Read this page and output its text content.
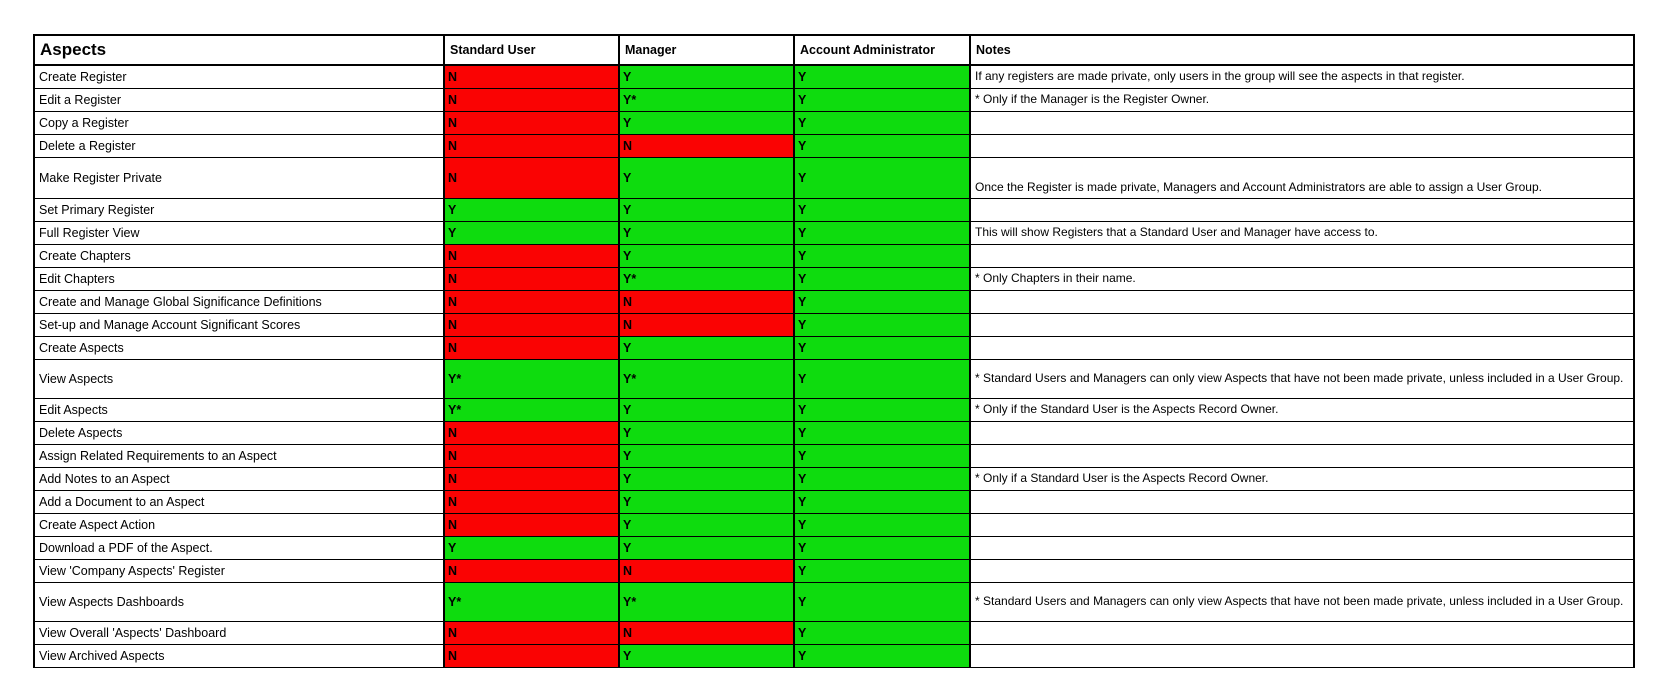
Aspects	Standard User	Manager	Account Administrator	Notes
Create Register	N	Y	Y	If any registers are made private, only users in the group will see the aspects in that register.
Edit a Register	N	Y*	Y	* Only if the Manager is the Register Owner.
Copy a Register	N	Y	Y	
Delete a Register	N	N	Y	
Make Register Private	N	Y	Y	Once the Register is made private, Managers and Account Administrators are able to assign a User Group.
Set Primary Register	Y	Y	Y	
Full Register View	Y	Y	Y	This will show Registers that a Standard User and Manager have access to.
Create Chapters	N	Y	Y	
Edit Chapters	N	Y*	Y	* Only Chapters in their name.
Create and Manage Global Significance Definitions	N	N	Y	
Set-up and Manage Account Significant Scores	N	N	Y	
Create Aspects	N	Y	Y	
View Aspects	Y*	Y*	Y	* Standard Users and Managers can only view Aspects that have not been made private, unless included in a User Group.
Edit Aspects	Y*	Y	Y	* Only if the Standard User is the Aspects Record Owner.
Delete Aspects	N	Y	Y	
Assign Related Requirements to an Aspect	N	Y	Y	
Add Notes to an Aspect	N	Y	Y	* Only if a Standard User is the Aspects Record Owner.
Add a Document to an Aspect	N	Y	Y	
Create Aspect Action	N	Y	Y	
Download a PDF of the Aspect.	Y	Y	Y	
View 'Company Aspects' Register	N	N	Y	
View Aspects Dashboards	Y*	Y*	Y	* Standard Users and Managers can only view Aspects that have not been made private, unless included in a User Group.
View Overall 'Aspects' Dashboard	N	N	Y	
View Archived Aspects	N	Y	Y	
